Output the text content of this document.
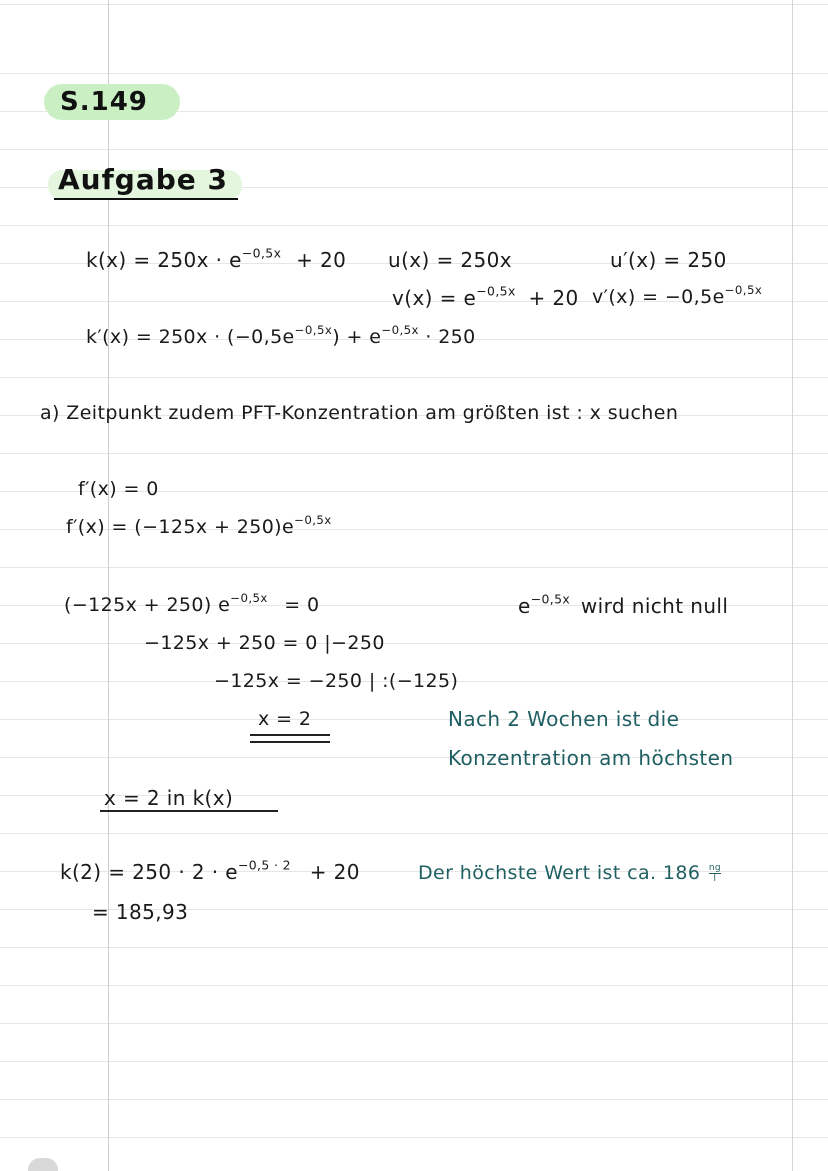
S.149
Aufgabe 3
$k(x) = 250x \cdot e^{-0,5x} + 20$ u(x) = 250x	u′(x) = 250
$v(x) = e^{-0,5x} + 20$ $v'(x) = -0,5e^{-0,5x}$
$k'(x) = 250x \cdot (-0,5e^{-0,5x}) + e^{-0,5x} \cdot 250$
a) Zeitpunkt zudem PFT-Konzentration am größten ist : x suchen
f′(x) = 0
$f'(x) = (-125x + 250)e^{-0,5x}$
(−125x + 250) $e^{-0,5x} = 0$	$e^{-0,5x}$ wird nicht null
−125x + 250 = 0 |−250
−125x = −250 | :(−125)
x = 2	Nach 2 Wochen ist die
Konzentration am höchsten
x = 2 in k(x)
$k(2) = 250 \cdot 2 \cdot e^{-0,5 \cdot 2} + 20$
= 185,93
Der höchste Wert ist ca. $186 \frac{ng}{l}$
